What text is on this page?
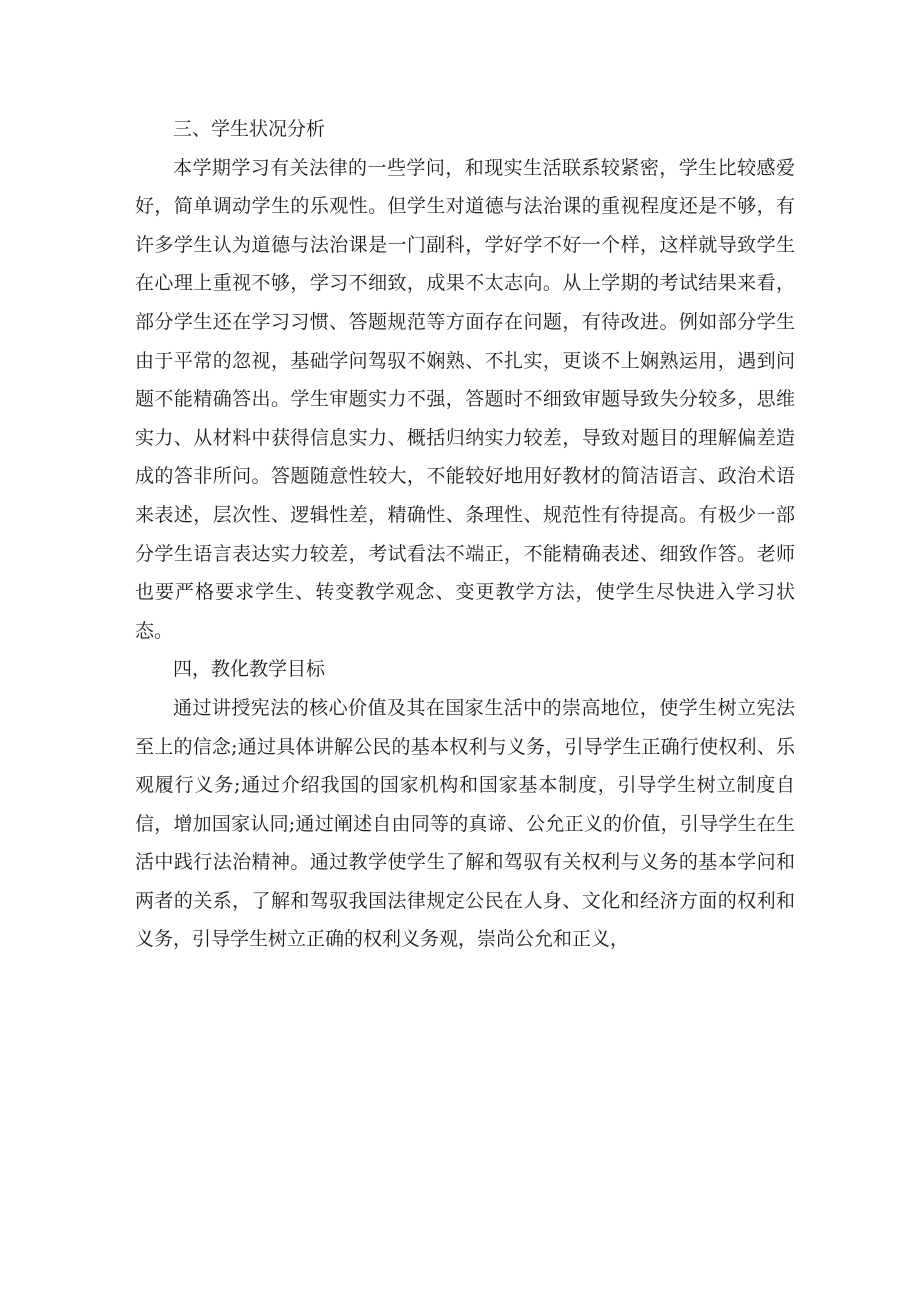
三、学生状况分析

本学期学习有关法律的一些学问，和现实生活联系较紧密，学生比较感爱好，简单调动学生的乐观性。但学生对道德与法治课的重视程度还是不够，有许多学生认为道德与法治课是一门副科，学好学不好一个样，这样就导致学生在心理上重视不够，学习不细致，成果不太志向。从上学期的考试结果来看，部分学生还在学习习惯、答题规范等方面存在问题，有待改进。例如部分学生由于平常的忽视，基础学问驾驭不娴熟、不扎实，更谈不上娴熟运用，遇到问题不能精确答出。学生审题实力不强，答题时不细致审题导致失分较多，思维实力、从材料中获得信息实力、概括归纳实力较差，导致对题目的理解偏差造成的答非所问。答题随意性较大，不能较好地用好教材的简洁语言、政治术语来表述，层次性、逻辑性差，精确性、条理性、规范性有待提高。有极少一部分学生语言表达实力较差，考试看法不端正，不能精确表述、细致作答。老师也要严格要求学生、转变教学观念、变更教学方法，使学生尽快进入学习状态。

四，教化教学目标

通过讲授宪法的核心价值及其在国家生活中的崇高地位，使学生树立宪法至上的信念;通过具体讲解公民的基本权利与义务，引导学生正确行使权利、乐观履行义务;通过介绍我国的国家机构和国家基本制度，引导学生树立制度自信，增加国家认同;通过阐述自由同等的真谛、公允正义的价值，引导学生在生活中践行法治精神。通过教学使学生了解和驾驭有关权利与义务的基本学问和两者的关系，了解和驾驭我国法律规定公民在人身、文化和经济方面的权利和义务，引导学生树立正确的权利义务观，崇尚公允和正义，
